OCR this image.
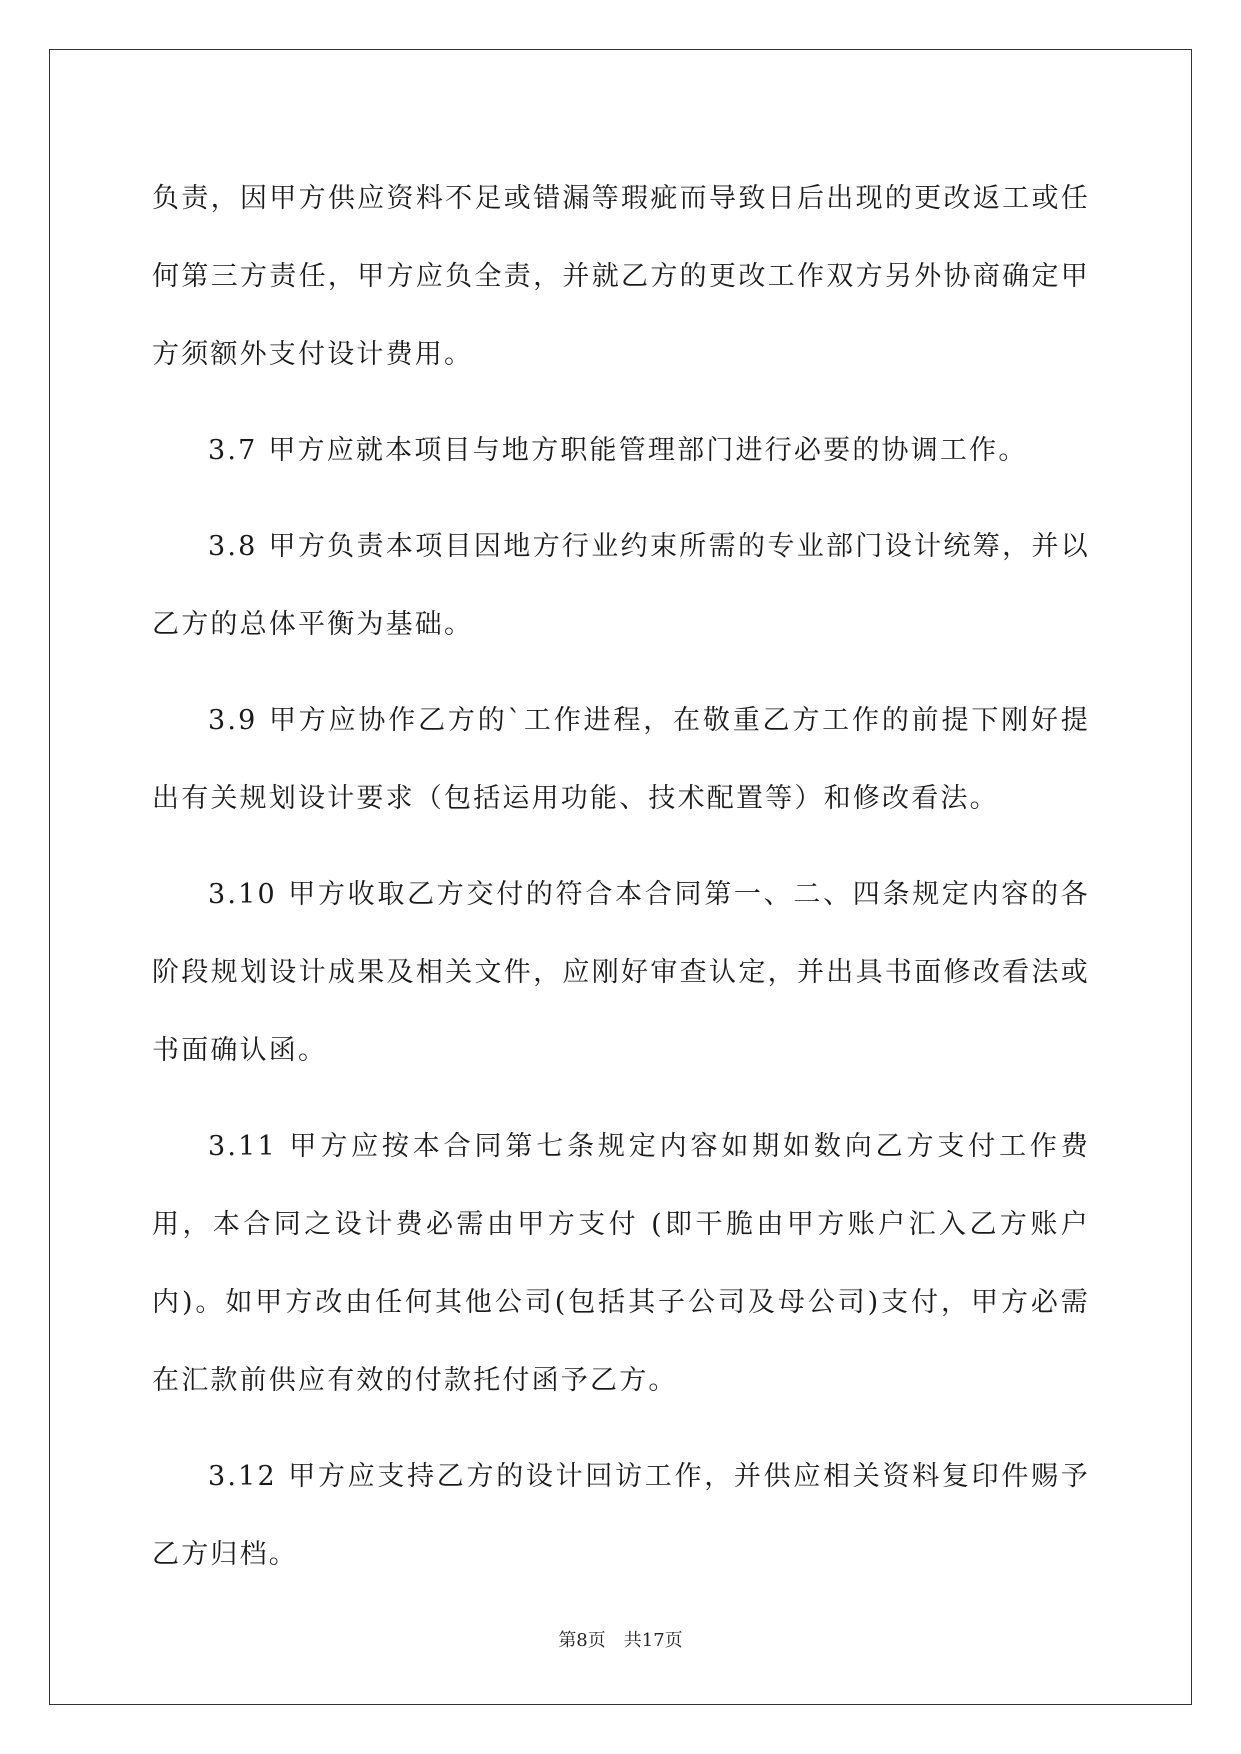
负责，因甲方供应资料不足或错漏等瑕疵而导致日后出现的更改返工或任何第三方责任，甲方应负全责，并就乙方的更改工作双方另外协商确定甲方须额外支付设计费用。

3.7 甲方应就本项目与地方职能管理部门进行必要的协调工作。

3.8 甲方负责本项目因地方行业约束所需的专业部门设计统筹，并以乙方的总体平衡为基础。

3.9 甲方应协作乙方的`工作进程，在敬重乙方工作的前提下刚好提出有关规划设计要求（包括运用功能、技术配置等）和修改看法。

3.10 甲方收取乙方交付的符合本合同第一、二、四条规定内容的各阶段规划设计成果及相关文件，应刚好审查认定，并出具书面修改看法或书面确认函。

3.11 甲方应按本合同第七条规定内容如期如数向乙方支付工作费用，本合同之设计费必需由甲方支付 (即干脆由甲方账户汇入乙方账户内)。如甲方改由任何其他公司(包括其子公司及母公司)支付，甲方必需在汇款前供应有效的付款托付函予乙方。

3.12 甲方应支持乙方的设计回访工作，并供应相关资料复印件赐予乙方归档。

第8页　共17页
